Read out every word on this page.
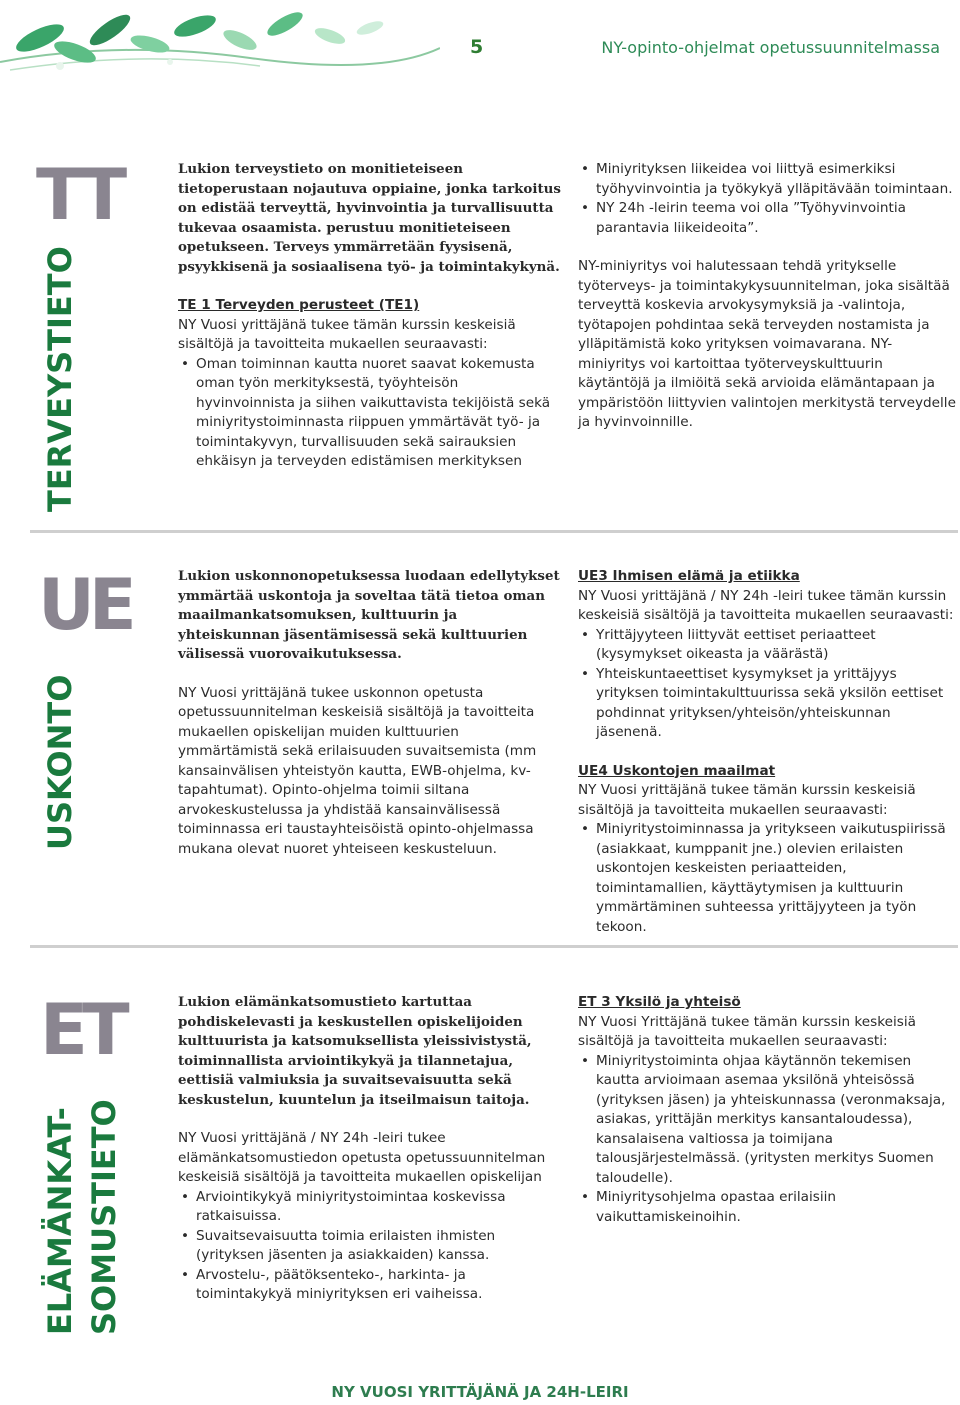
5	NY-opinto-ohjelmat opetussuunnitelmassa
TT
TERVEYSTIETO

Lukion terveystieto on monitieteiseen tietoperustaan nojautuva oppiaine, jonka tarkoitus on edistää terveyttä, hyvinvointia ja turvallisuutta tukevaa osaamista. perustuu monitieteiseen opetukseen. Terveys ymmärretään fyysisenä, psyykkisenä ja sosiaalisena työ- ja toimintakykynä.

TE 1 Terveyden perusteet (TE1)

NY Vuosi yrittäjänä tukee tämän kurssin keskeisiä sisältöjä ja tavoitteita mukaellen seuraavasti:

• Oman toiminnan kautta nuoret saavat kokemusta oman työn merkityksestä, työyhteisön hyvinvoinnista ja siihen vaikuttavista tekijöistä sekä miniyritystoiminnasta riippuen ymmärtävät työ- ja toimintakyvyn, turvallisuuden sekä sairauksien ehkäisyn ja terveyden edistämisen merkityksen
• Miniyrityksen liikeidea voi liittyä esimerkiksi työhyvinvointia ja työkykyä ylläpitävään toimintaan.
• NY 24h -leirin teema voi olla ”Työhyvinvointia parantavia liikeideoita”.

NY-miniyritys voi halutessaan tehdä yritykselle työterveys- ja toimintakykysuunnitelman, joka sisältää terveyttä koskevia arvokysymyksiä ja -valintoja, työtapojen pohdintaa sekä terveyden nostamista ja ylläpitämistä koko yrityksen voimavarana. NY-miniyritys voi kartoittaa työterveyskulttuurin käytäntöjä ja ilmiöitä sekä arvioida elämäntapaan ja ympäristöön liittyvien valintojen merkitystä terveydelle ja hyvinvoinnille.

UE
USKONTO

Lukion uskonnonopetuksessa luodaan edellytykset ymmärtää uskontoja ja soveltaa tätä tietoa oman maailmankatsomuksen, kulttuurin ja yhteiskunnan jäsentämisessä sekä kulttuurien välisessä vuorovaikutuksessa.

NY Vuosi yrittäjänä tukee uskonnon opetusta opetussuunnitelman keskeisiä sisältöjä ja tavoitteita mukaellen opiskelijan muiden kulttuurien ymmärtämistä sekä erilaisuuden suvaitsemista (mm kansainvälisen yhteistyön kautta, EWB-ohjelma, kv-tapahtumat). Opinto-ohjelma toimii siltana arvokeskustelussa ja yhdistää kansainvälisessä toiminnassa eri taustayhteisöistä opinto-ohjelmassa mukana olevat nuoret yhteiseen keskusteluun.

UE3 Ihmisen elämä ja etiikka

NY Vuosi yrittäjänä / NY 24h -leiri tukee tämän kurssin keskeisiä sisältöjä ja tavoitteita mukaellen seuraavasti:

• Yrittäjyyteen liittyvät eettiset periaatteet (kysymykset oikeasta ja väärästä)
• Yhteiskuntaeettiset kysymykset ja yrittäjyys yrityksen toimintakulttuurissa sekä yksilön eettiset pohdinnat yrityksen/yhteisön/yhteiskunnan jäsenenä.

UE4 Uskontojen maailmat

NY Vuosi yrittäjänä tukee tämän kurssin keskeisiä sisältöjä ja tavoitteita mukaellen seuraavasti:

• Miniyritystoiminnassa ja yritykseen vaikutuspiirissä (asiakkaat, kumppanit jne.) olevien erilaisten uskontojen keskeisten periaatteiden, toimintamallien, käyttäytymisen ja kulttuurin ymmärtäminen suhteessa yrittäjyyteen ja työn tekoon.
ET
ELÄMÄNKAT- SOMUSTIETO

Lukion elämänkatsomustieto kartuttaa pohdiskelevasti ja keskustellen opiskelijoiden kulttuurista ja katsomuksellista yleissivistystä, toiminnallista arviointikykyä ja tilannetajua, eettisiä valmiuksia ja suvaitsevaisuutta sekä keskustelun, kuuntelun ja itseilmaisun taitoja.

NY Vuosi yrittäjänä / NY 24h -leiri tukee elämänkatsomustiedon opetusta opetussuunnitelman keskeisiä sisältöjä ja tavoitteita mukaellen opiskelijan

• Arviointikykyä miniyritystoimintaa koskevissa ratkaisuissa.
• Suvaitsevaisuutta toimia erilaisten ihmisten (yrityksen jäsenten ja asiakkaiden) kanssa.
• Arvostelu-, päätöksenteko-, harkinta- ja toimintakykyä miniyrityksen eri vaiheissa.

ET 3 Yksilö ja yhteisö

NY Vuosi Yrittäjänä tukee tämän kurssin keskeisiä sisältöjä ja tavoitteita mukaellen seuraavasti:

• Miniyritystoiminta ohjaa käytännön tekemisen kautta arvioimaan asemaa yksilönä yhteisössä (yrityksen jäsen) ja yhteiskunnassa (veronmaksaja, asiakas, yrittäjän merkitys kansantaloudessa), kansalaisena valtiossa ja toimijana talousjärjestelmässä. (yritysten merkitys Suomen taloudelle).
• Miniyritysohjelma opastaa erilaisiin vaikuttamiskeinoihin.
NY VUOSI YRITTÄJÄNÄ JA 24H-LEIRI
